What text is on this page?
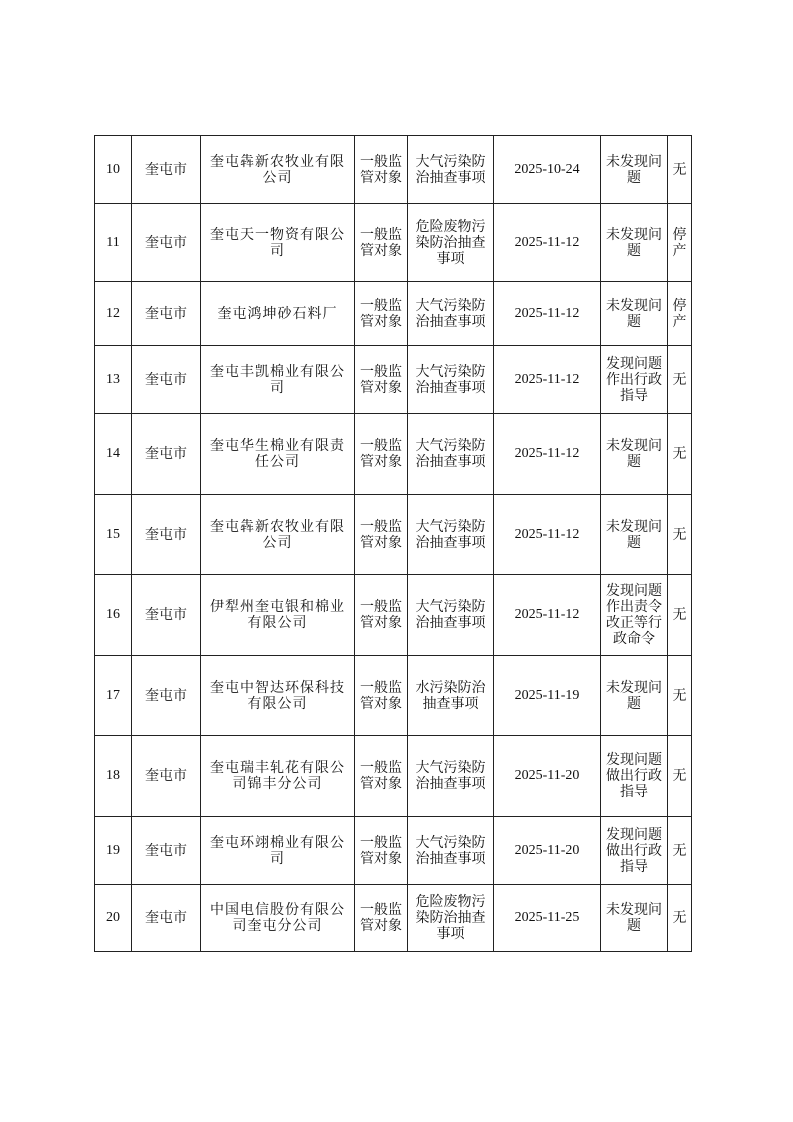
10	奎屯市	奎屯犇新农牧业有限公司	一般监管对象	大气污染防治抽查事项	2025-10-24	未发现问题	无
11	奎屯市	奎屯天一物资有限公司	一般监管对象	危险废物污染防治抽查事项	2025-11-12	未发现问题	停产
12	奎屯市	奎屯鸿坤砂石料厂	一般监管对象	大气污染防治抽查事项	2025-11-12	未发现问题	停产
13	奎屯市	奎屯丰凯棉业有限公司	一般监管对象	大气污染防治抽查事项	2025-11-12	发现问题作出行政指导	无
14	奎屯市	奎屯华生棉业有限责任公司	一般监管对象	大气污染防治抽查事项	2025-11-12	未发现问题	无
15	奎屯市	奎屯犇新农牧业有限公司	一般监管对象	大气污染防治抽查事项	2025-11-12	未发现问题	无
16	奎屯市	伊犁州奎屯银和棉业有限公司	一般监管对象	大气污染防治抽查事项	2025-11-12	发现问题作出责令改正等行政命令	无
17	奎屯市	奎屯中智达环保科技有限公司	一般监管对象	水污染防治抽查事项	2025-11-19	未发现问题	无
18	奎屯市	奎屯瑞丰轧花有限公司锦丰分公司	一般监管对象	大气污染防治抽查事项	2025-11-20	发现问题做出行政指导	无
19	奎屯市	奎屯环翊棉业有限公司	一般监管对象	大气污染防治抽查事项	2025-11-20	发现问题做出行政指导	无
20	奎屯市	中国电信股份有限公司奎屯分公司	一般监管对象	危险废物污染防治抽查事项	2025-11-25	未发现问题	无
